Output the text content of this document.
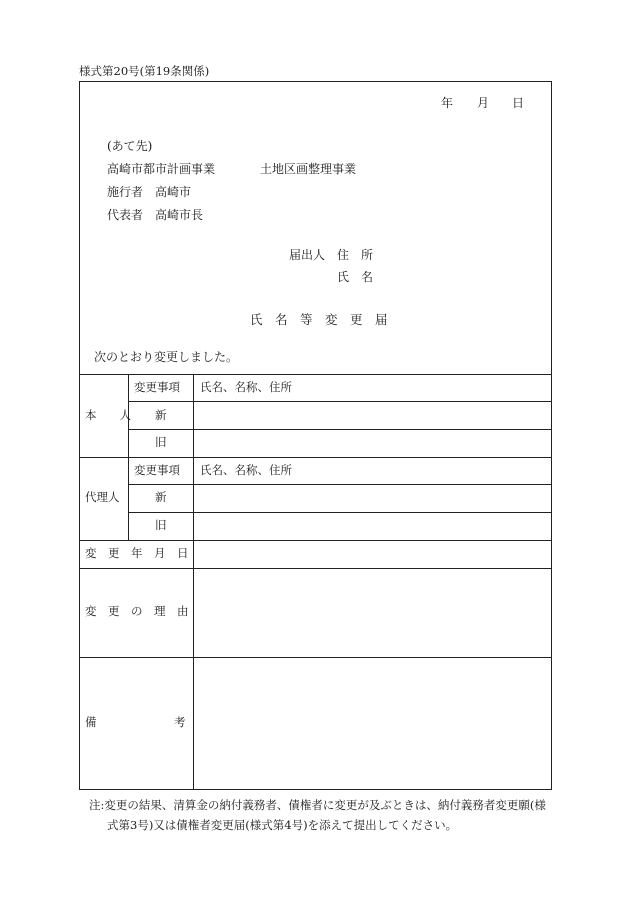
様式第20号(第19条関係)
年 月 日
(あて先)
高崎市都市計画事業	土地区画整理事業
施行者 高崎市
代表者 高崎市長
届出人 住　所
氏　名
氏　名　等　変　更　届
次のとおり変更しました。
本　　人
変更事項 氏名、名称、住所
新
旧
代理人
変更事項 氏名、名称、住所
新
旧
変　更　年　月　日
変　更　の　理　由
備	考
注:変更の結果、清算金の納付義務者、債権者に変更が及ぶときは、納付義務者変更願(様
式第3号)又は債権者変更届(様式第4号)を添えて提出してください。
